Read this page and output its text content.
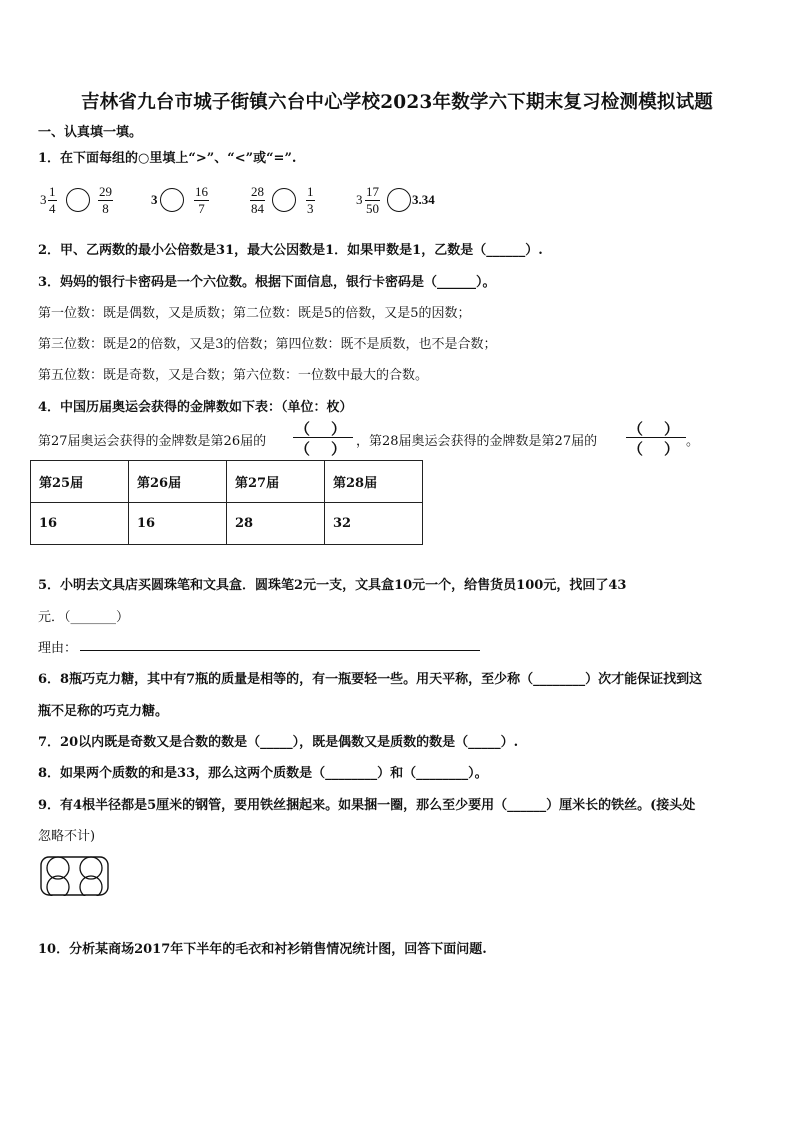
吉林省九台市城子街镇六台中心学校2023年数学六下期末复习检测模拟试题
一、认真填一填。
1．在下面每组的○里填上“>”、“<”或“=”.
$3 \frac{1}{4}$	$\frac{29}{8}$	3	$\frac{16}{7}$	$\frac{28}{84}$	$\frac{1}{3}$	$3 \frac{17}{50} 3.34$
2．甲、乙两数的最小公倍数是31，最大公因数是1．如果甲数是1，乙数是（______）.
3．妈妈的银行卡密码是一个六位数。根据下面信息，银行卡密码是（______）。
第一位数：既是偶数，又是质数；第二位数：既是5的倍数，又是5的因数；
第三位数：既是2的倍数，又是3的倍数；第四位数：既不是质数，也不是合数；
第五位数：既是奇数，又是合数；第六位数：一位数中最大的合数。
4．中国历届奥运会获得的金牌数如下表：（单位：枚）
第27届奥运会获得的金牌数是第26届的
（ ）
（ ） ，第28届奥运会获得的金牌数是第27届的
（ ）
（ ） 。
第25届	第26届	第27届	第28届
16	16	28	32
5．小明去文具店买圆珠笔和文具盒．圆珠笔2元一支，文具盒10元一个，给售货员100元，找回了43
元．（_______）
理由：
6．8瓶巧克力糖，其中有7瓶的质量是相等的，有一瓶要轻一些。用天平称，至少称（________）次才能保证找到这
瓶不足称的巧克力糖。
7．20以内既是奇数又是合数的数是（_____），既是偶数又是质数的数是（_____）.
8．如果两个质数的和是33，那么这两个质数是（________）和（________）。
9．有4根半径都是5厘米的钢管，要用铁丝捆起来。如果捆一圈，那么至少要用（______）厘米长的铁丝。(接头处
忽略不计)
10．分析某商场2017年下半年的毛衣和衬衫销售情况统计图，回答下面问题.
